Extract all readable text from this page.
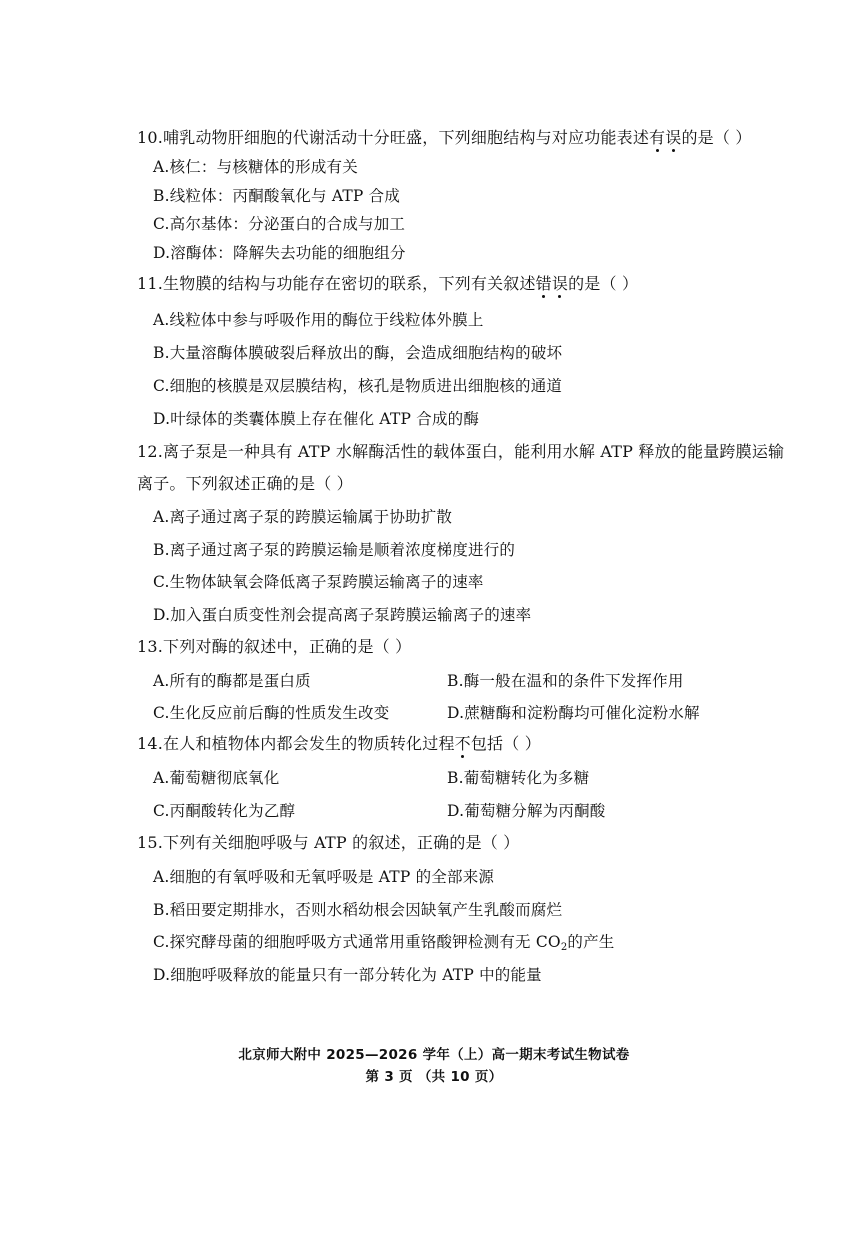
10.哺乳动物肝细胞的代谢活动十分旺盛，下列细胞结构与对应功能表述有误的是（ ）
A.核仁：与核糖体的形成有关
B.线粒体：丙酮酸氧化与 ATP 合成
C.高尔基体：分泌蛋白的合成与加工
D.溶酶体：降解失去功能的细胞组分
11.生物膜的结构与功能存在密切的联系，下列有关叙述错误的是（ ）
A.线粒体中参与呼吸作用的酶位于线粒体外膜上
B.大量溶酶体膜破裂后释放出的酶，会造成细胞结构的破坏
C.细胞的核膜是双层膜结构，核孔是物质进出细胞核的通道
D.叶绿体的类囊体膜上存在催化 ATP 合成的酶
12.离子泵是一种具有 ATP 水解酶活性的载体蛋白，能利用水解 ATP 释放的能量跨膜运输
离子。下列叙述正确的是（ ）
A.离子通过离子泵的跨膜运输属于协助扩散
B.离子通过离子泵的跨膜运输是顺着浓度梯度进行的
C.生物体缺氧会降低离子泵跨膜运输离子的速率
D.加入蛋白质变性剂会提高离子泵跨膜运输离子的速率
13.下列对酶的叙述中，正确的是（ ）
A.所有的酶都是蛋白质	B.酶一般在温和的条件下发挥作用
C.生化反应前后酶的性质发生改变	D.蔗糖酶和淀粉酶均可催化淀粉水解
14.在人和植物体内都会发生的物质转化过程不包括（ ）
A.葡萄糖彻底氧化	B.葡萄糖转化为多糖
C.丙酮酸转化为乙醇	D.葡萄糖分解为丙酮酸
15.下列有关细胞呼吸与 ATP 的叙述，正确的是（ ）
A.细胞的有氧呼吸和无氧呼吸是 ATP 的全部来源
B.稻田要定期排水，否则水稻幼根会因缺氧产生乳酸而腐烂
C.探究酵母菌的细胞呼吸方式通常用重铬酸钾检测有无 $CO_2$的产生
D.细胞呼吸释放的能量只有一部分转化为 ATP 中的能量
北京师大附中 2025—2026 学年（上）高一期末考试生物试卷
第 3 页 （共 10 页）
